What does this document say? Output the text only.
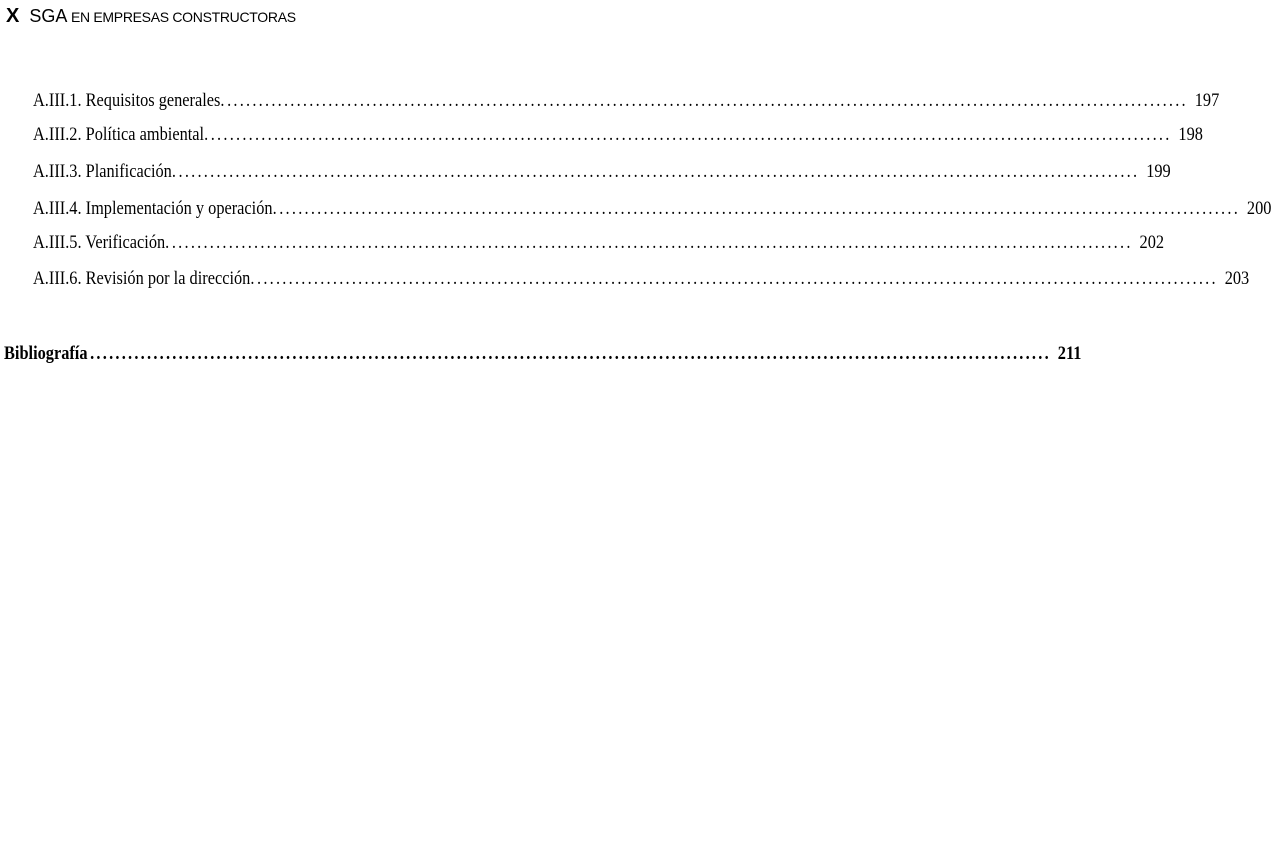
X SGA EN EMPRESAS CONSTRUCTORAS
A.III.1. Requisitos generales. ........................................................................................................................................................ 197
A.III.2. Política ambiental. ........................................................................................................................................................ 198
A.III.3. Planificación. ........................................................................................................................................................ 199
A.III.4. Implementación y operación. ........................................................................................................................................................ 200
A.III.5. Verificación. ........................................................................................................................................................ 202
A.III.6. Revisión por la dirección. ........................................................................................................................................................ 203
Bibliografía ........................................................................................................................................................ 211
